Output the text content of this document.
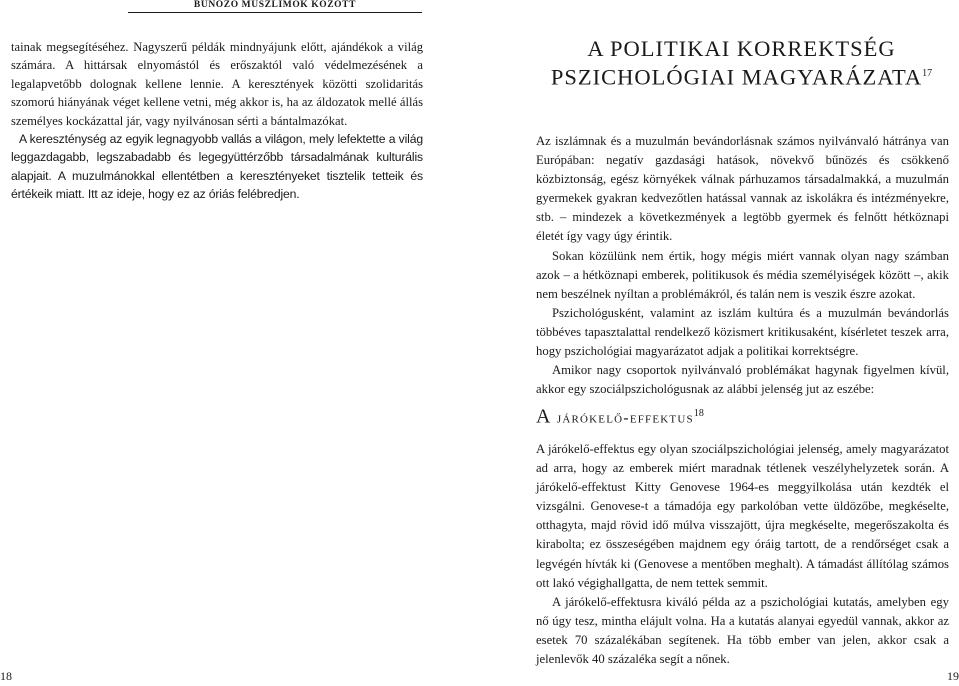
BŰNÖZŐ MUSZLIMOK KÖZÖTT

tainak megsegítéséhez. Nagyszerű példák mindnyájunk előtt, ajándékok a világ számára. A hittársak elnyomástól és erőszaktól való védelmezésének a legalapvetőbb dolognak kellene lennie. A keresztények közötti szolidaritás szomorú hiányának véget kellene vetni, még akkor is, ha az áldozatok mellé állás személyes kockázattal jár, vagy nyilvánosan sérti a bántalmazókat.

A kereszténység az egyik legnagyobb vallás a világon, mely lefektette a világ leggazdagabb, legszabadabb és legegyüttérzőbb társadalmának kulturális alapjait. A muzulmánokkal ellentétben a keresztényeket tisztelik tetteik és értékeik miatt. Itt az ideje, hogy ez az óriás felébredjen.

18
A POLITIKAI KORREKTSÉG
PSZICHOLÓGIAI MAGYARÁZATA$^{17}$

Az iszlámnak és a muzulmán bevándorlásnak számos nyilvánvaló hátránya van Európában: negatív gazdasági hatások, növekvő bűnözés és csökkenő közbiztonság, egész környékek válnak párhuzamos társadalmakká, a muzulmán gyermekek gyakran kedvezőtlen hatással vannak az iskolákra és intézményekre, stb. – mindezek a következmények a legtöbb gyermek és felnőtt hétköznapi életét így vagy úgy érintik.

Sokan közülünk nem értik, hogy mégis miért vannak olyan nagy számban azok – a hétköznapi emberek, politikusok és média személyiségek között –, akik nem beszélnek nyíltan a problémákról, és talán nem is veszik észre azokat.

Pszichológusként, valamint az iszlám kultúra és a muzulmán bevándorlás többéves tapasztalattal rendelkező közismert kritikusaként, kísérletet teszek arra, hogy pszichológiai magyarázatot adjak a politikai korrektségre.

Amikor nagy csoportok nyilvánvaló problémákat hagynak figyelmen kívül, akkor egy szociálpszichológusnak az alábbi jelenség jut az eszébe:

A járókelő-effektus$^{18}$

A járókelő-effektus egy olyan szociálpszichológiai jelenség, amely magyarázatot ad arra, hogy az emberek miért maradnak tétlenek veszélyhelyzetek során. A járókelő-effektust Kitty Genovese 1964-es meggyilkolása után kezdték el vizsgálni. Genovese-t a támadója egy parkolóban vette üldözőbe, megkéselte, otthagyta, majd rövid idő múlva visszajött, újra megkéselte, megerőszakolta és kirabolta; ez összeségében majdnem egy óráig tartott, de a rendőrséget csak a legvégén hívták ki (Genovese a mentőben meghalt). A támadást állítólag számos ott lakó végighallgatta, de nem tettek semmit.

A járókelő-effektusra kiváló példa az a pszichológiai kutatás, amelyben egy nő úgy tesz, mintha elájult volna. Ha a kutatás alanyai egyedül vannak, akkor az esetek 70 százalékában segítenek. Ha több ember van jelen, akkor csak a jelenlevők 40 százaléka segít a nőnek.

19
